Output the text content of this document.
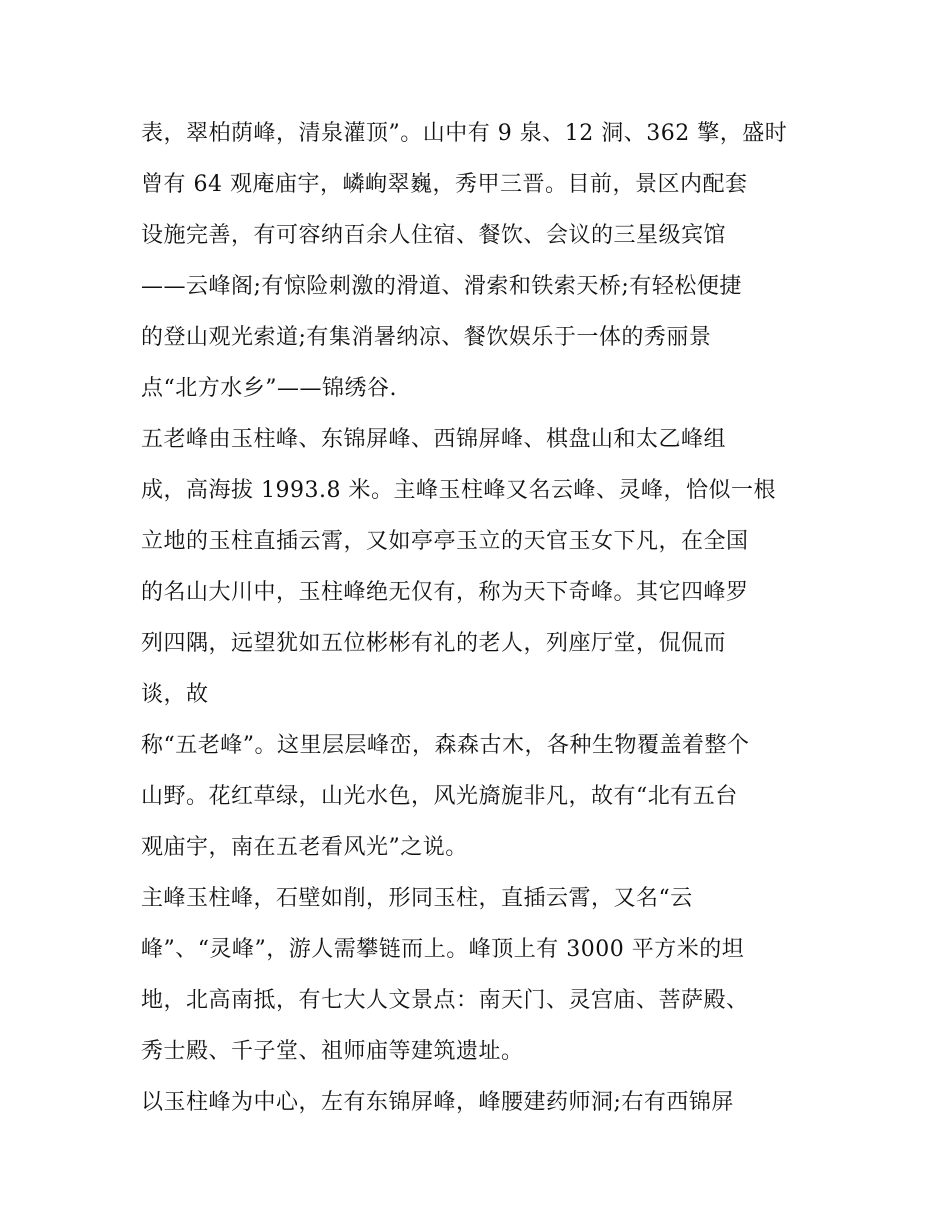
表，翠柏荫峰，清泉灌顶”。山中有 9 泉、12 洞、362 擎，盛时
曾有 64 观庵庙宇，嶙峋翠巍，秀甲三晋。目前，景区内配套
设施完善，有可容纳百余人住宿、餐饮、会议的三星级宾馆
——云峰阁;有惊险刺激的滑道、滑索和铁索天桥;有轻松便捷
的登山观光索道;有集消暑纳凉、餐饮娱乐于一体的秀丽景
点“北方水乡”——锦绣谷.
五老峰由玉柱峰、东锦屏峰、西锦屏峰、棋盘山和太乙峰组
成，高海拔 1993.8 米。主峰玉柱峰又名云峰、灵峰，恰似一根
立地的玉柱直插云霄，又如亭亭玉立的天官玉女下凡，在全国
的名山大川中，玉柱峰绝无仅有，称为天下奇峰。其它四峰罗
列四隅，远望犹如五位彬彬有礼的老人，列座厅堂，侃侃而
谈，故
称“五老峰”。这里层层峰峦，森森古木，各种生物覆盖着整个
山野。花红草绿，山光水色，风光旖旎非凡，故有“北有五台
观庙宇，南在五老看风光”之说。
主峰玉柱峰，石壁如削，形同玉柱，直插云霄，又名“云
峰”、“灵峰”，游人需攀链而上。峰顶上有 3000 平方米的坦
地，北高南抵，有七大人文景点：南天门、灵宫庙、菩萨殿、
秀士殿、千子堂、祖师庙等建筑遗址。
以玉柱峰为中心，左有东锦屏峰，峰腰建药师洞;右有西锦屏
